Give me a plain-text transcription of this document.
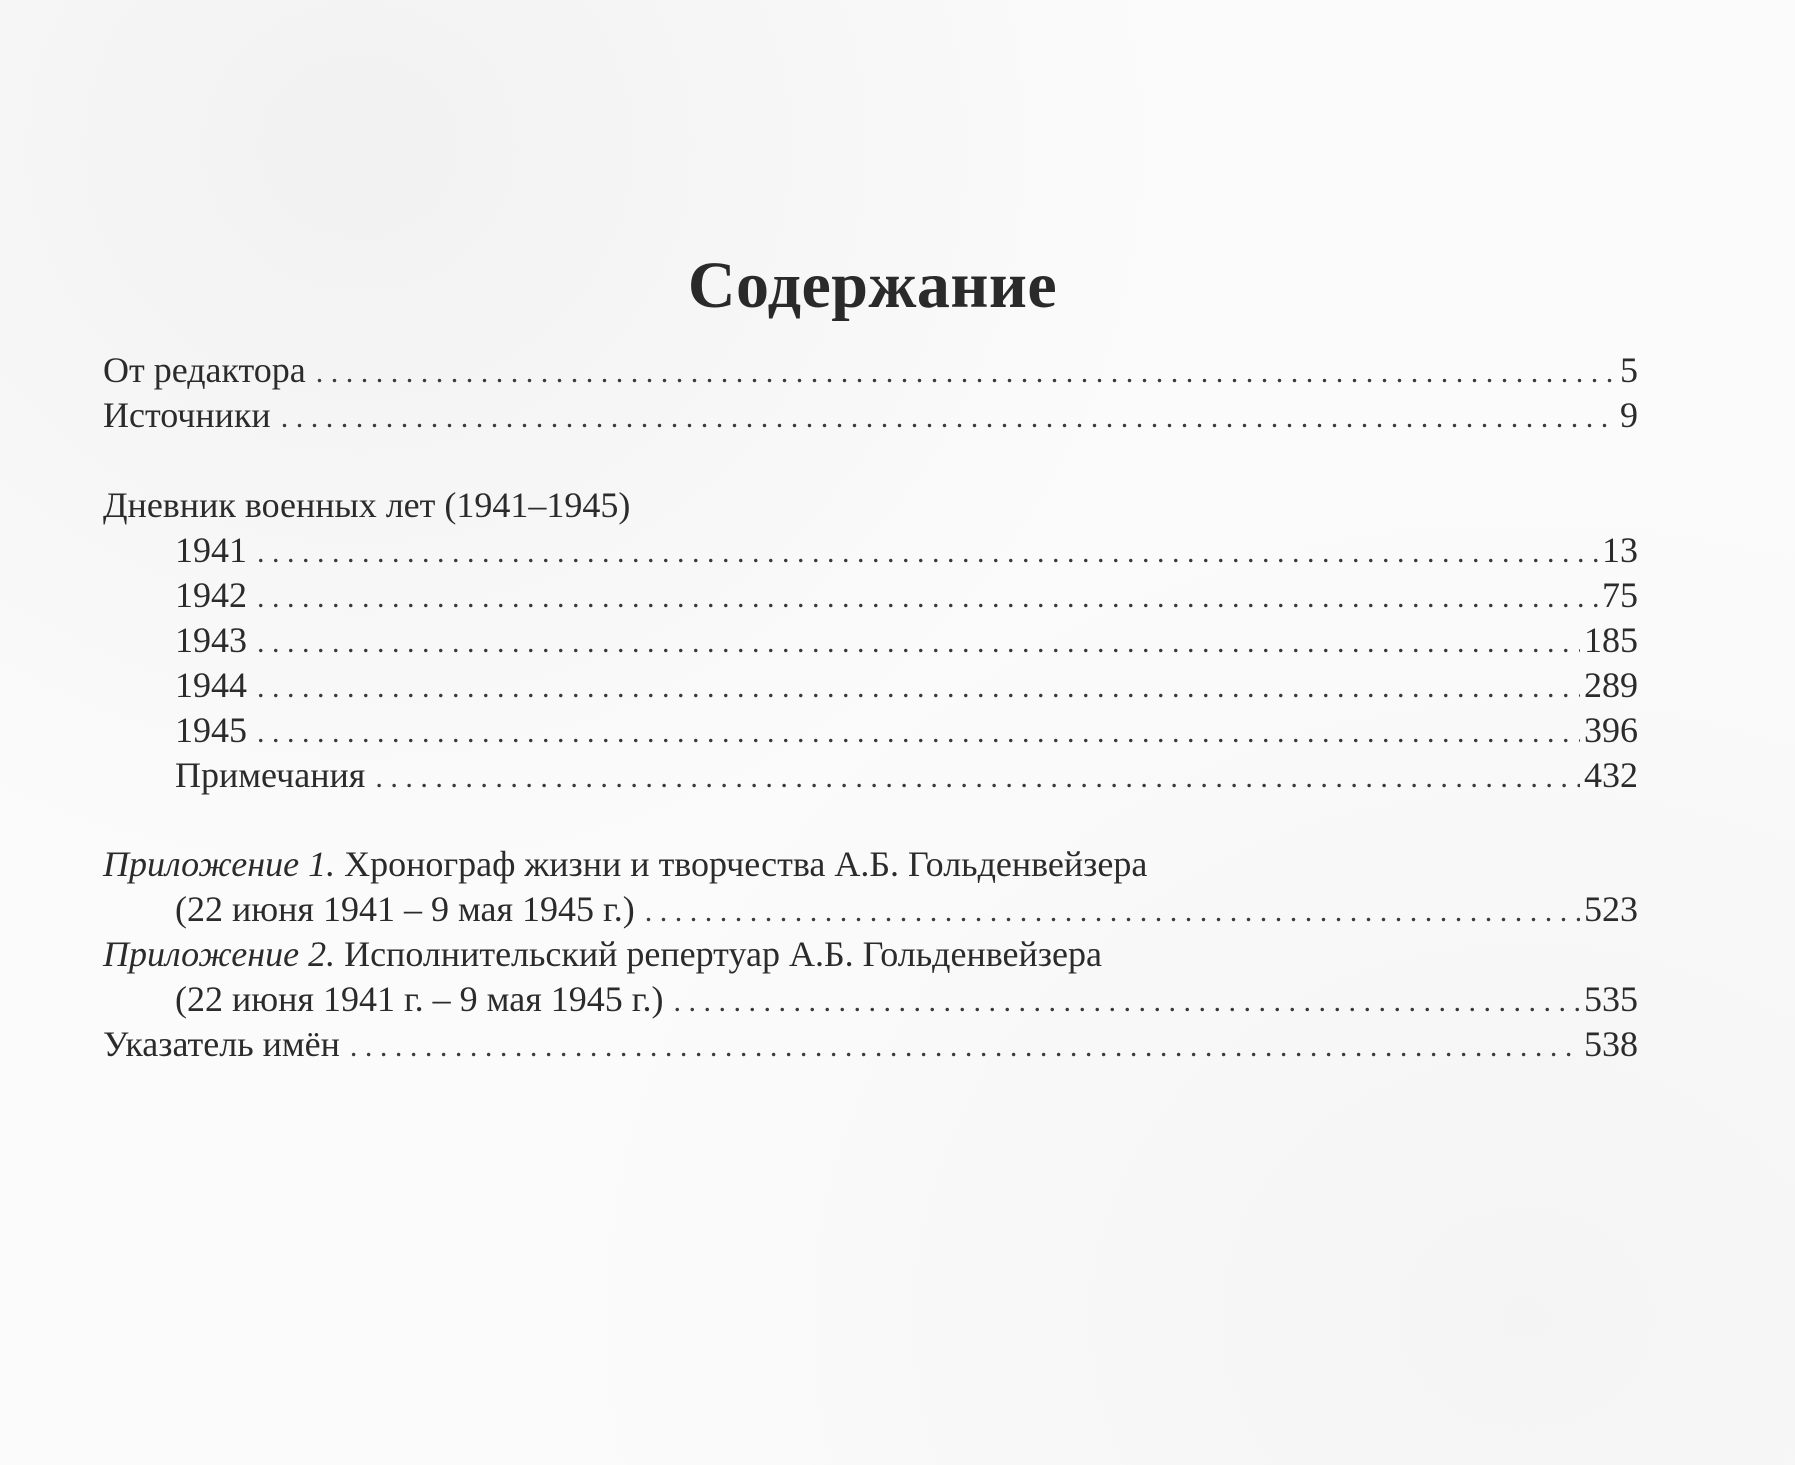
Содержание
От редактора . . .	5
Источники . . .	9
Дневник военных лет (1941–1945)
1941 . . .	13
1942 . . .	75
1943 . . .	185
1944 . . .	289
1945 . . .	396
Примечания . . .	432
Приложение 1. Хронограф жизни и творчества А.Б. Гольденвейзера
(22 июня 1941 – 9 мая 1945 г.) . . .	523
Приложение 2. Исполнительский репертуар А.Б. Гольденвейзера
(22 июня 1941 г. – 9 мая 1945 г.) . . .	535
Указатель имён . . .	538
